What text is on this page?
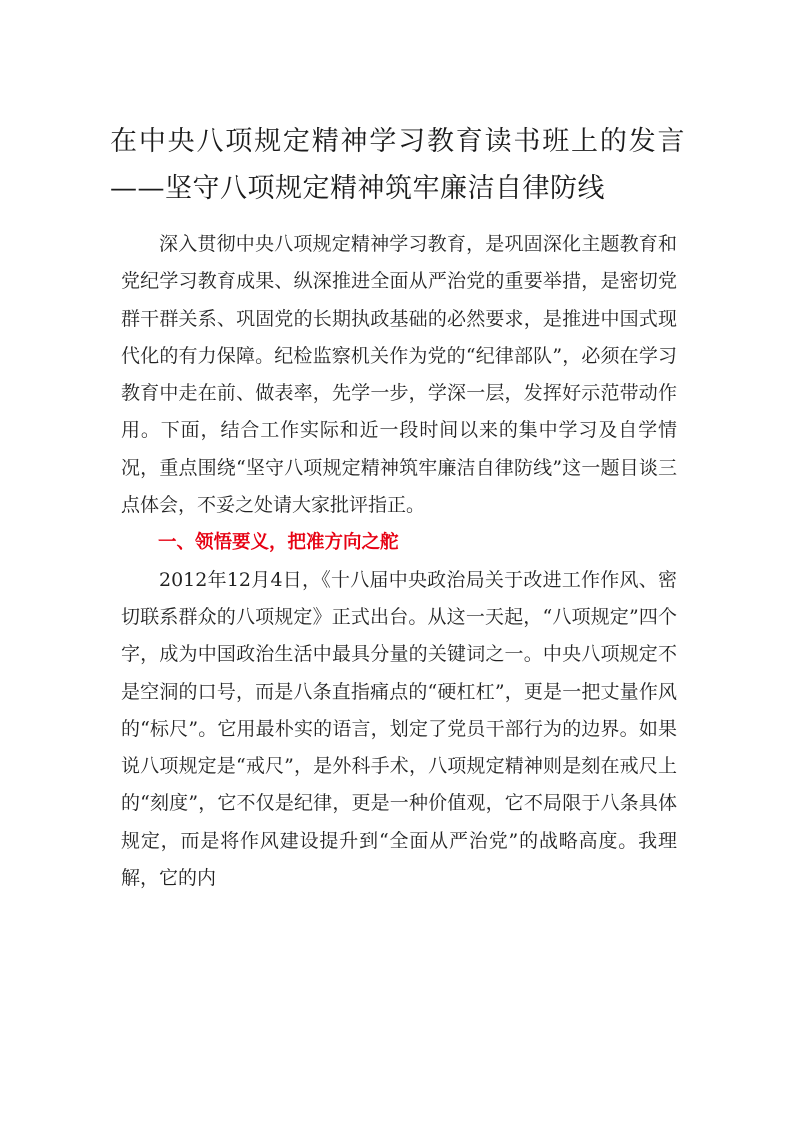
在中央八项规定精神学习教育读书班上的发言——坚守八项规定精神筑牢廉洁自律防线

深入贯彻中央八项规定精神学习教育，是巩固深化主题教育和党纪学习教育成果、纵深推进全面从严治党的重要举措，是密切党群干群关系、巩固党的长期执政基础的必然要求，是推进中国式现代化的有力保障。纪检监察机关作为党的“纪律部队”，必须在学习教育中走在前、做表率，先学一步，学深一层，发挥好示范带动作用。下面，结合工作实际和近一段时间以来的集中学习及自学情况，重点围绕“坚守八项规定精神筑牢廉洁自律防线”这一题目谈三点体会，不妥之处请大家批评指正。

一、领悟要义，把准方向之舵

2012年12月4日，《十八届中央政治局关于改进工作作风、密切联系群众的八项规定》正式出台。从这一天起，“八项规定”四个字，成为中国政治生活中最具分量的关键词之一。中央八项规定不是空洞的口号，而是八条直指痛点的“硬杠杠”，更是一把丈量作风的“标尺”。它用最朴实的语言，划定了党员干部行为的边界。如果说八项规定是“戒尺”，是外科手术，八项规定精神则是刻在戒尺上的“刻度”，它不仅是纪律，更是一种价值观，它不局限于八条具体规定，而是将作风建设提升到“全面从严治党”的战略高度。我理解，它的内
